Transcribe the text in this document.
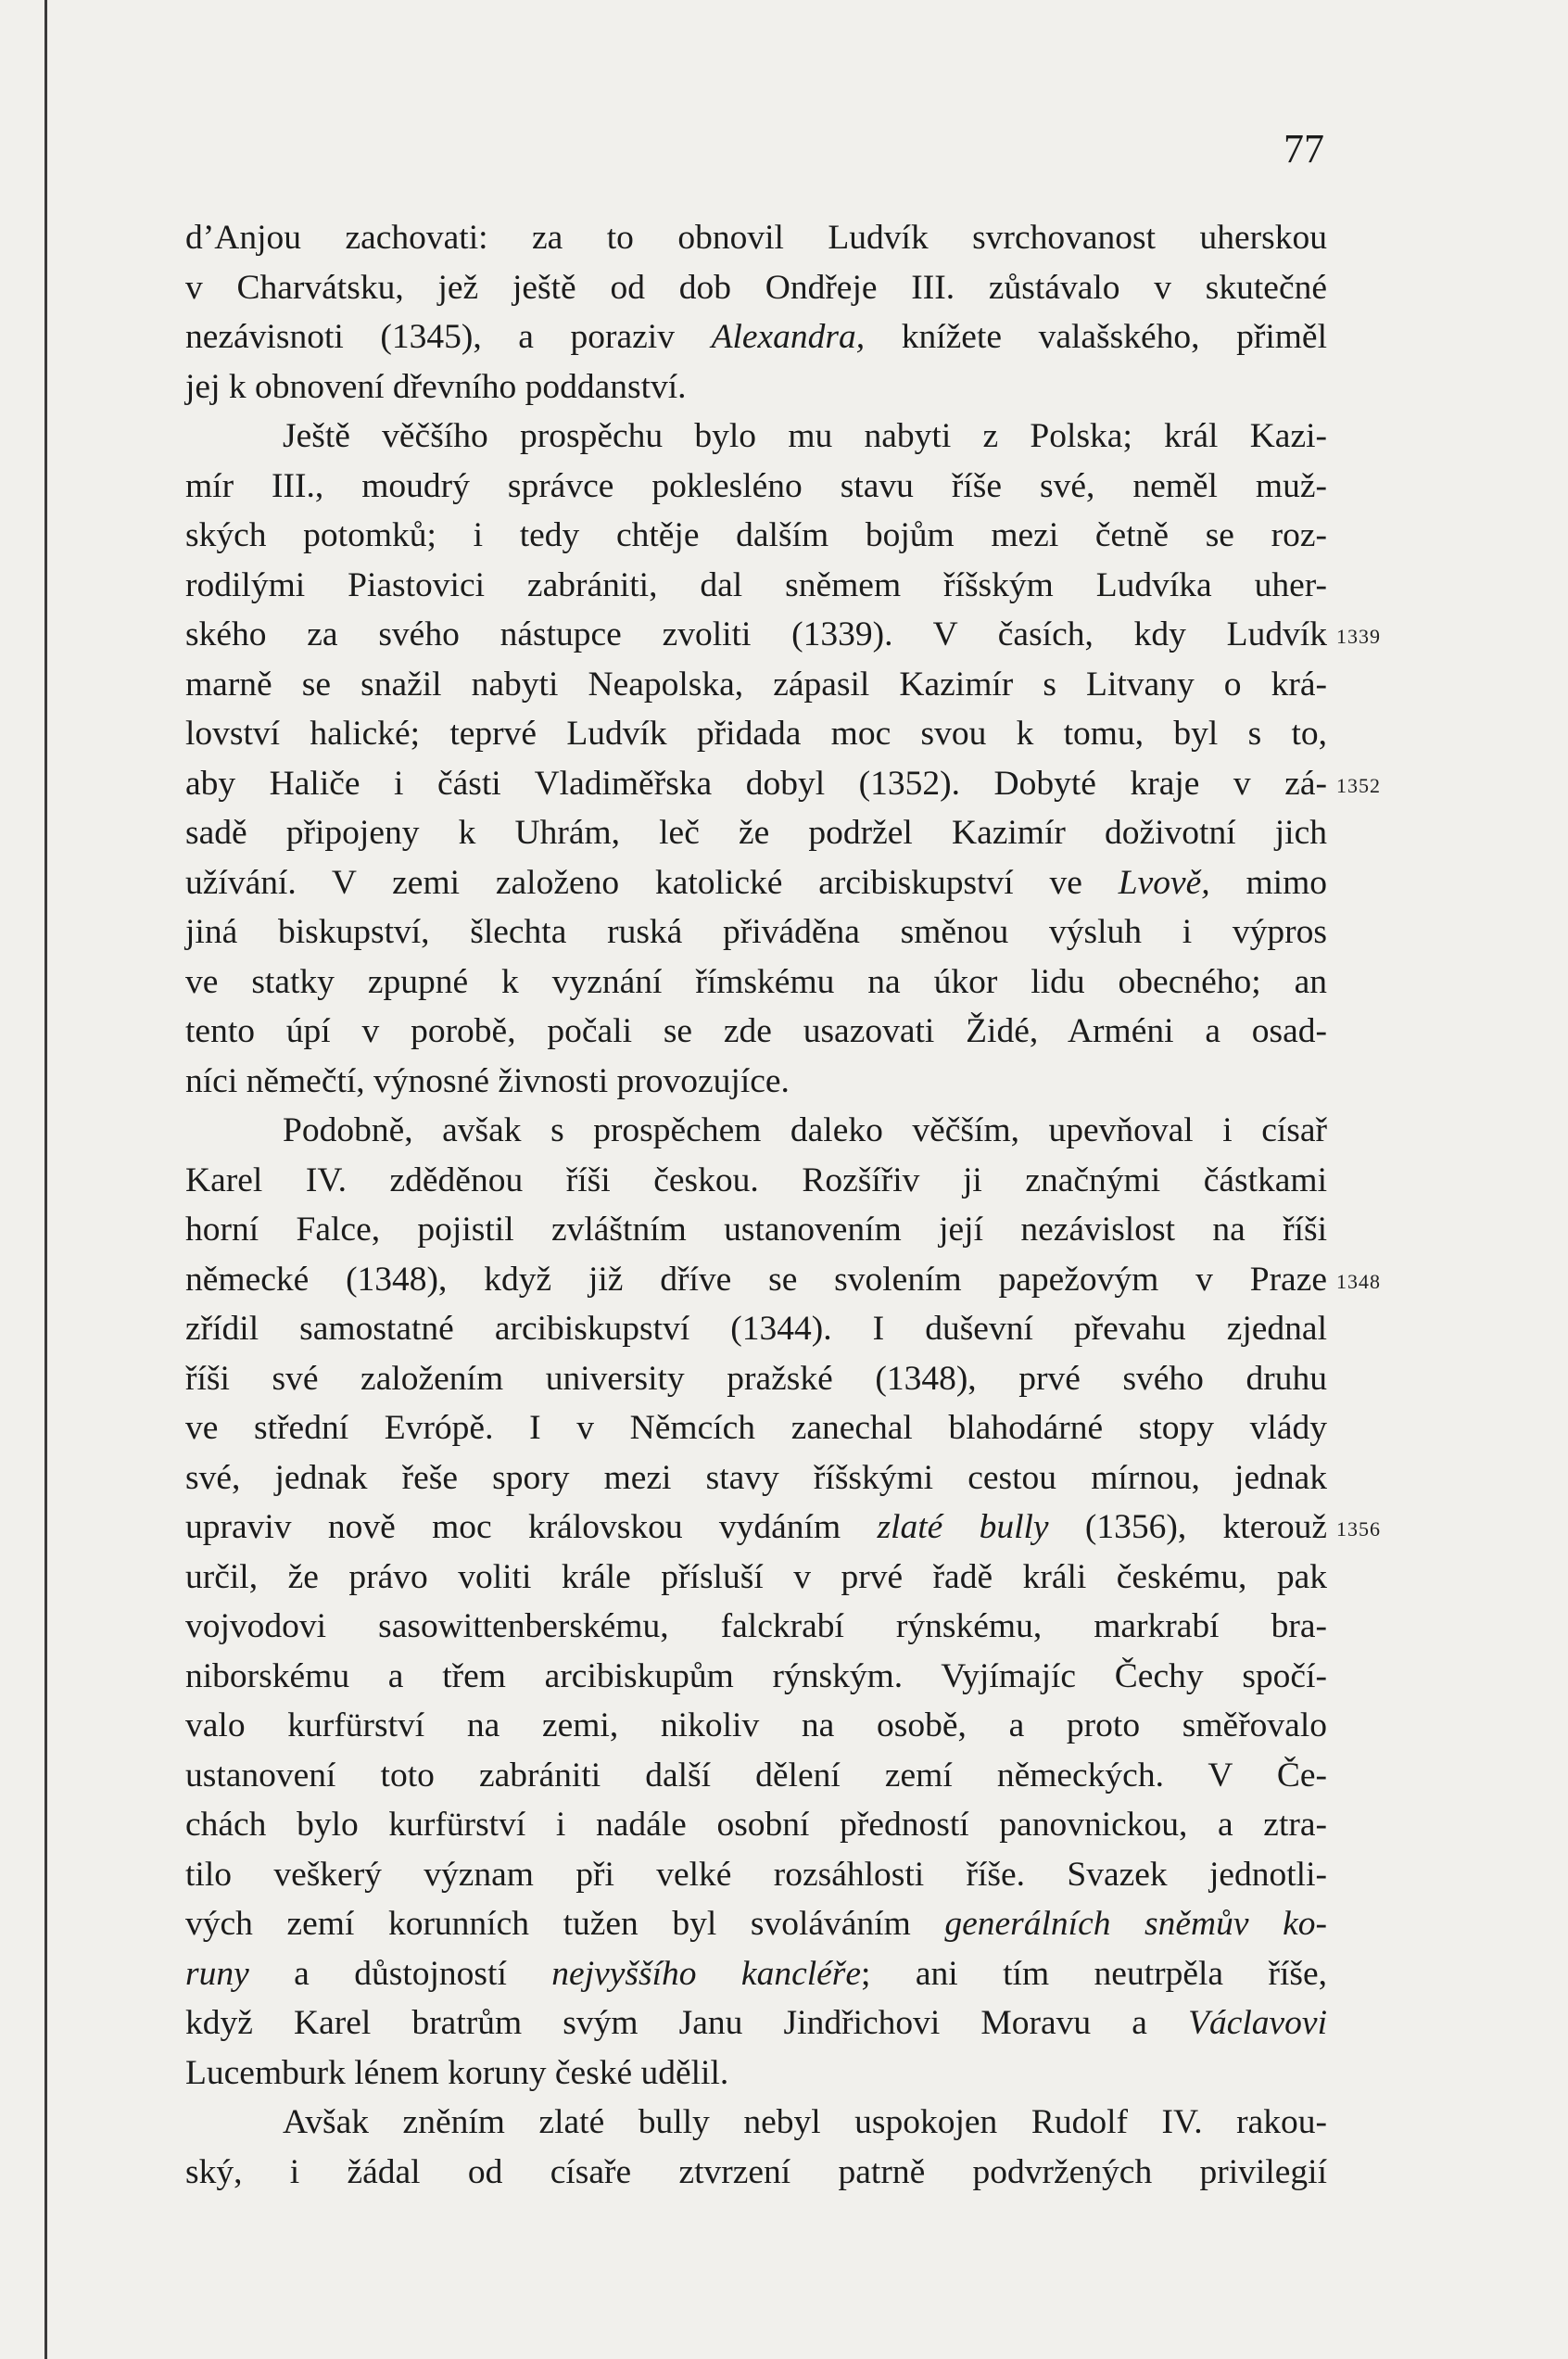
77
d’Anjou zachovati: za to obnovil Ludvík svrchovanost uherskou
v Charvátsku, jež ještě od dob Ondřeje III. zůstávalo v skutečné
nezávisnoti (1345), a poraziv Alexandra, knížete valašského, přiměl
jej k obnovení dřevního poddanství.
Ještě věčšího prospěchu bylo mu nabyti z Polska; král Kazi-
mír III., moudrý správce poklesléno stavu říše své, neměl muž-
ských potomků; i tedy chtěje dalším bojům mezi četně se roz-
rodilými Piastovici zabrániti, dal sněmem říšským Ludvíka uher-
ského za svého nástupce zvoliti (1339). V časích, kdy Ludvík
marně se snažil nabyti Neapolska, zápasil Kazimír s Litvany o krá-
lovství halické; teprvé Ludvík přidada moc svou k tomu, byl s to,
aby Haliče i části Vladiměřska dobyl (1352). Dobyté kraje v zá-
sadě připojeny k Uhrám, leč že podržel Kazimír doživotní jich
užívání. V zemi založeno katolické arcibiskupství ve Lvově, mimo
jiná biskupství, šlechta ruská přiváděna směnou výsluh i výpros
ve statky zpupné k vyznání římskému na úkor lidu obecného; an
tento úpí v porobě, počali se zde usazovati Židé, Arméni a osad-
níci němečtí, výnosné živnosti provozujíce.
Podobně, avšak s prospěchem daleko věčším, upevňoval i císař
Karel IV. zděděnou říši českou. Rozšířiv ji značnými částkami
horní Falce, pojistil zvláštním ustanovením její nezávislost na říši
německé (1348), když již dříve se svolením papežovým v Praze
zřídil samostatné arcibiskupství (1344). I duševní převahu zjednal
říši své založením university pražské (1348), prvé svého druhu
ve střední Evrópě. I v Němcích zanechal blahodárné stopy vlády
své, jednak řeše spory mezi stavy říšskými cestou mírnou, jednak
upraviv nově moc královskou vydáním zlaté bully (1356), kterouž
určil, že právo voliti krále přísluší v prvé řadě králi českému, pak
vojvodovi sasowittenberskému, falckrabí rýnskému, markrabí bra-
niborskému a třem arcibiskupům rýnským. Vyjímajíc Čechy spočí-
valo kurfürství na zemi, nikoliv na osobě, a proto směřovalo
ustanovení toto zabrániti další dělení zemí německých. V Če-
chách bylo kurfürství i nadále osobní předností panovnickou, a ztra-
tilo veškerý význam při velké rozsáhlosti říše. Svazek jednotli-
vých zemí korunních tužen byl svoláváním generálních sněmův ko-
runy a důstojností nejvyššího kancléře; ani tím neutrpěla říše,
když Karel bratrům svým Janu Jindřichovi Moravu a Václavovi
Lucemburk lénem koruny české udělil.
Avšak zněním zlaté bully nebyl uspokojen Rudolf IV. rakou-
ský, i žádal od císaře ztvrzení patrně podvržených privilegií
1339
1352
1348
1356
